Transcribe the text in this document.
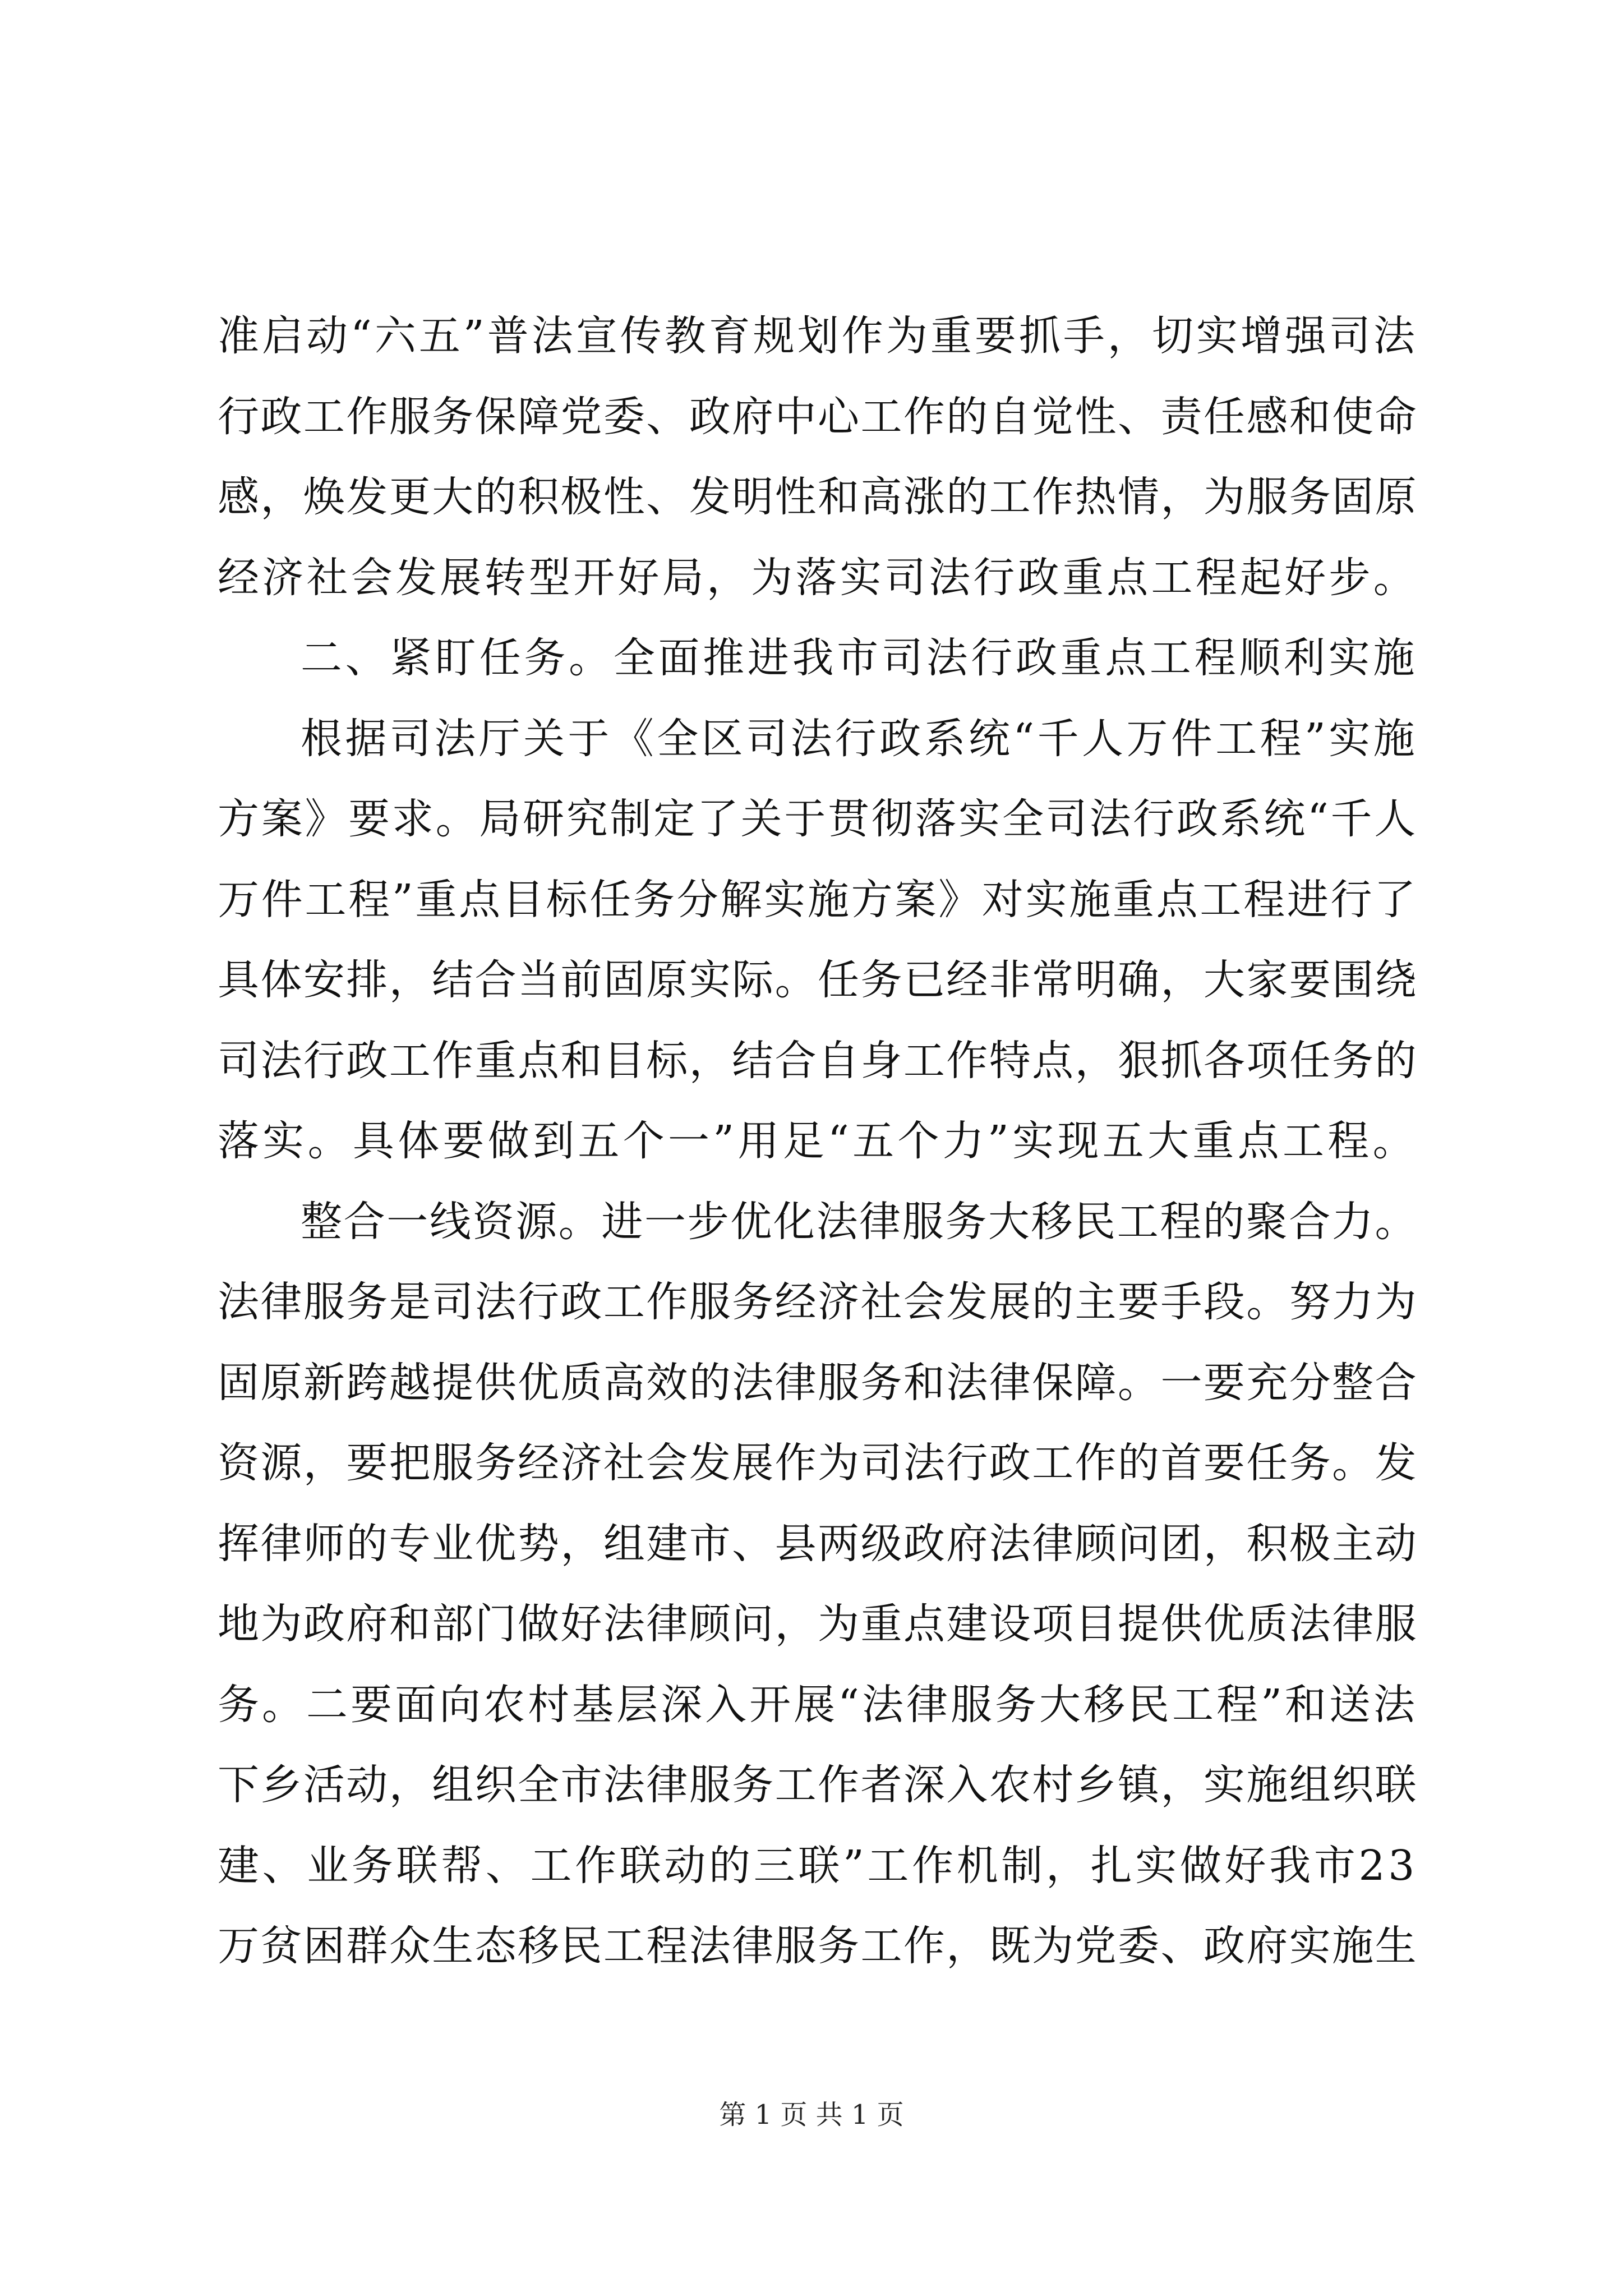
准启动“六五”普法宣传教育规划作为重要抓手，切实增强司法
行政工作服务保障党委、政府中心工作的自觉性、责任感和使命
感，焕发更大的积极性、发明性和高涨的工作热情，为服务固原
经济社会发展转型开好局，为落实司法行政重点工程起好步。
二、紧盯任务。全面推进我市司法行政重点工程顺利实施
根据司法厅关于《全区司法行政系统“千人万件工程”实施
方案》要求。局研究制定了关于贯彻落实全司法行政系统“千人
万件工程”重点目标任务分解实施方案》对实施重点工程进行了
具体安排，结合当前固原实际。任务已经非常明确，大家要围绕
司法行政工作重点和目标，结合自身工作特点，狠抓各项任务的
落实。具体要做到五个一”用足“五个力”实现五大重点工程。
整合一线资源。进一步优化法律服务大移民工程的聚合力。
法律服务是司法行政工作服务经济社会发展的主要手段。努力为
固原新跨越提供优质高效的法律服务和法律保障。一要充分整合
资源，要把服务经济社会发展作为司法行政工作的首要任务。发
挥律师的专业优势，组建市、县两级政府法律顾问团，积极主动
地为政府和部门做好法律顾问，为重点建设项目提供优质法律服
务。二要面向农村基层深入开展“法律服务大移民工程”和送法
下乡活动，组织全市法律服务工作者深入农村乡镇，实施组织联
建、业务联帮、工作联动的三联”工作机制，扎实做好我市23
万贫困群众生态移民工程法律服务工作，既为党委、政府实施生
第 1 页 共 1 页
